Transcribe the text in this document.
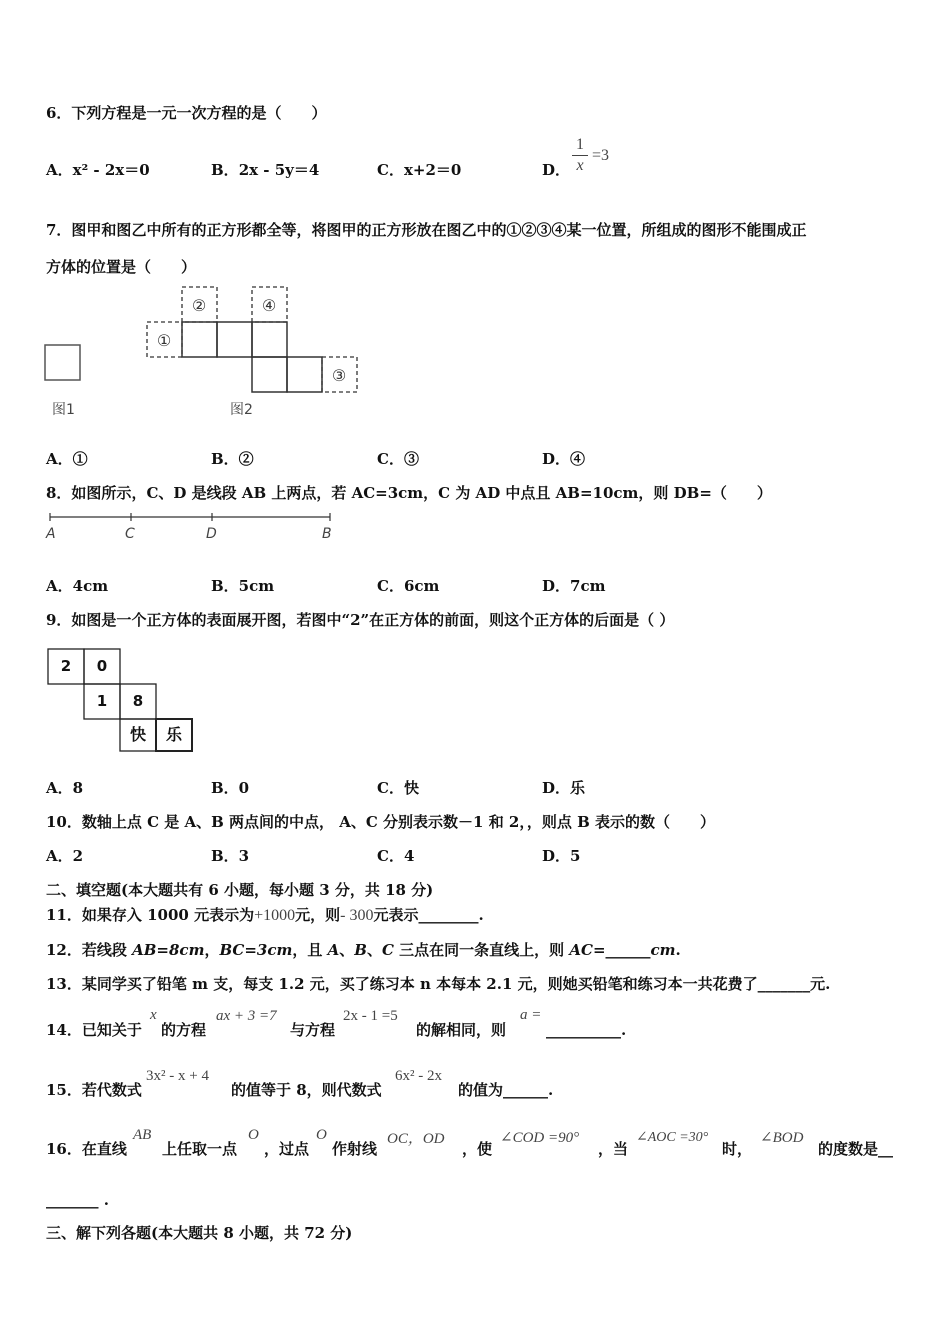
6．下列方程是一元一次方程的是（　　）
A．x² - 2x＝0	B．2x - 5y＝4	C．x+2＝0	D．
1
x
=3
7．图甲和图乙中所有的正方形都全等，将图甲的正方形放在图乙中的①②③④某一位置，所组成的图形不能围成正
方体的位置是（　　）
图1
①
②	④
③
图2
A．①	B．②	C．③	D．④
8．如图所示，C、D 是线段 AB 上两点，若 AC=3cm，C 为 AD 中点且 AB=10cm，则 DB=（　　）
A	C	D	B
A．4cm	B．5cm	C．6cm	D．7cm
9．如图是一个正方体的表面展开图，若图中“2”在正方体的前面，则这个正方体的后面是（ ）
2 0
1 8
快 乐
A．8	B．0	C．快	D．乐
10．数轴上点 C 是 A、B 两点间的中点， A、C 分别表示数－1 和 2，，则点 B 表示的数（　　）
A．2	B．3	C．4	D．5
二、填空题(本大题共有 6 小题，每小题 3 分，共 18 分)
11．如果存入 1000 元表示为+1000元，则- 300元表示________.
12．若线段 AB=8cm，BC=3cm，且 A、B、C 三点在同一条直线上，则 AC=______cm.
13．某同学买了铅笔 m 支，每支 1.2 元，买了练习本 n 本每本 2.1 元，则她买铅笔和练习本一共花费了_______元.
14．已知关于
x
的方程
ax + 3 =7
与方程
2x - 1 =5
的解相同，则
a =
__________.
15．若代数式
3x² - x + 4
的值等于 8，则代数式
6x² - 2x
的值为______.
16．在直线
AB
上任取一点
O
，过点
O
作射线
OC，OD
，使
∠COD =90°
，当
∠AOC =30°
时，
∠BOD
的度数是__
_______ .
三、解下列各题(本大题共 8 小题，共 72 分)
